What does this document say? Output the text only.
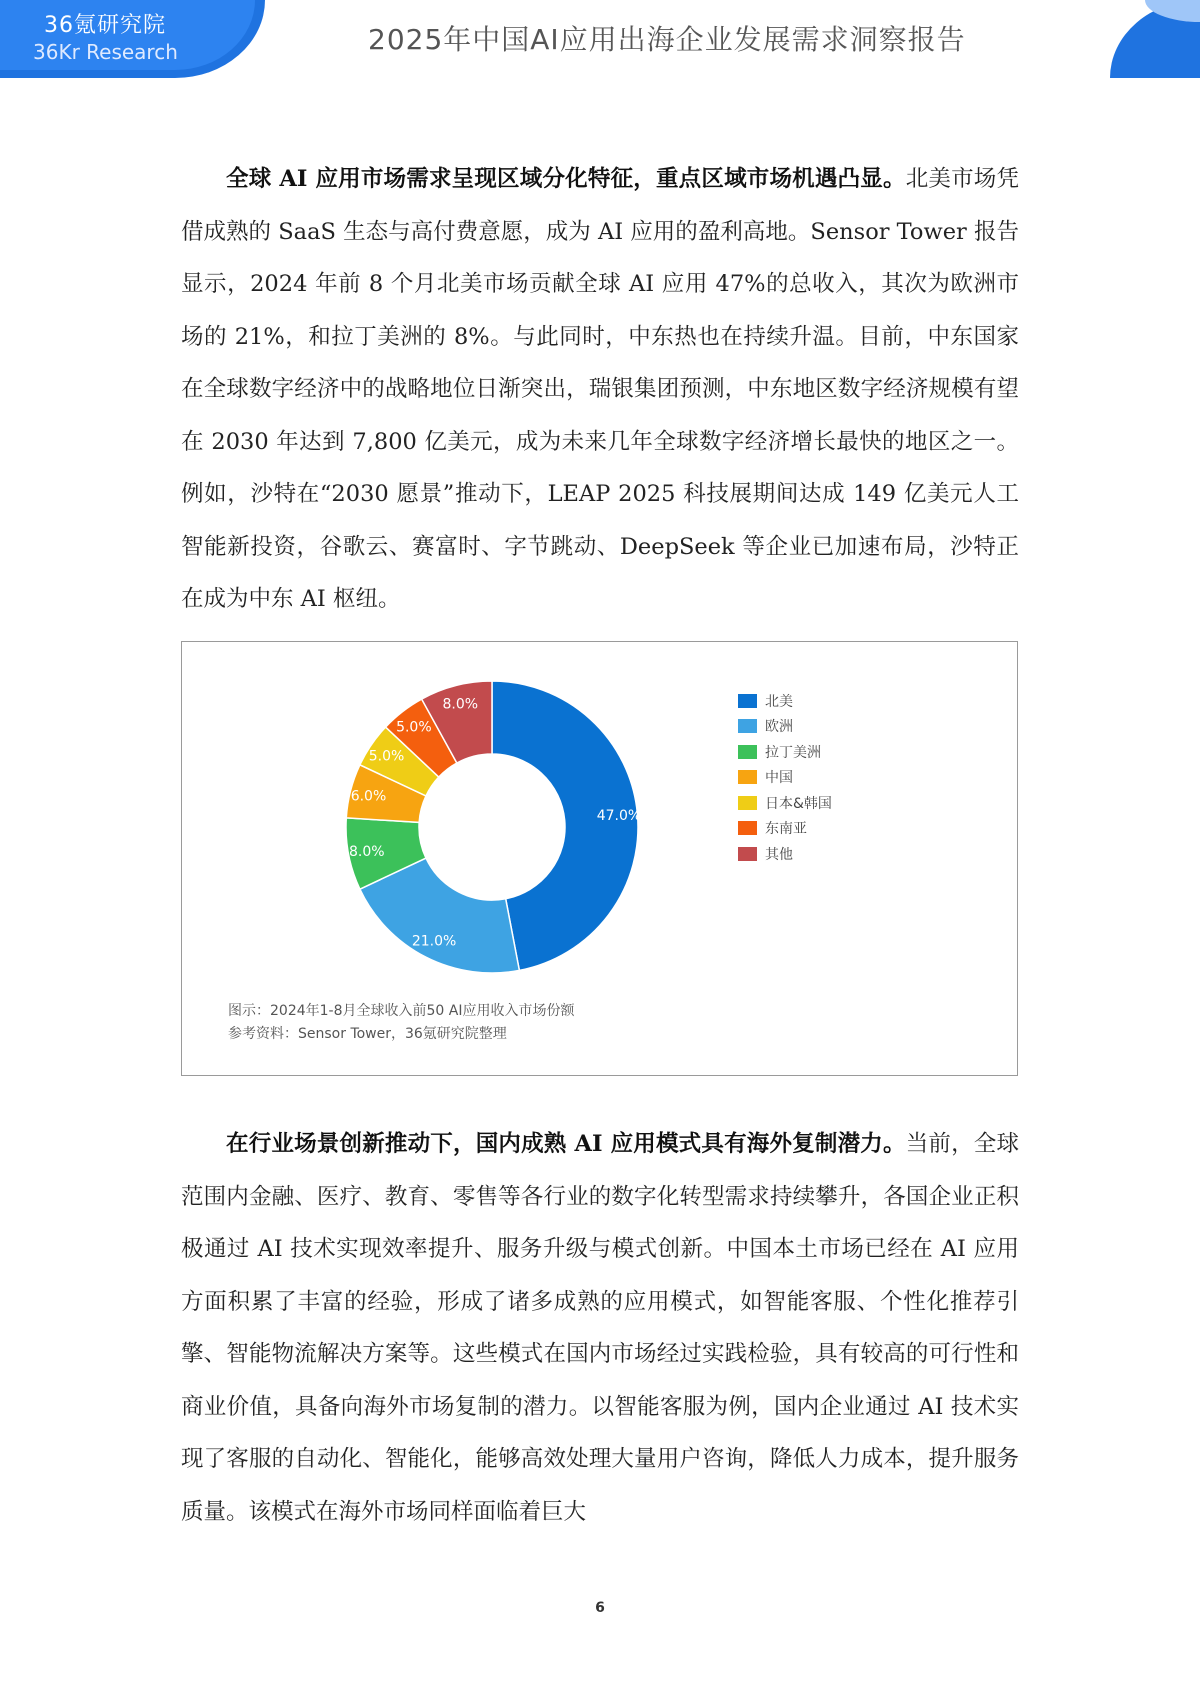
36氪研究院
36Kr Research	2025年中国AI应用出海企业发展需求洞察报告

全球 AI 应用市场需求呈现区域分化特征，重点区域市场机遇凸显。北美市场凭借成熟的 SaaS 生态与高付费意愿，成为 AI 应用的盈利高地。Sensor Tower 报告显示，2024 年前 8 个月北美市场贡献全球 AI 应用 47%的总收入，其次为欧洲市场的 21%，和拉丁美洲的 8%。与此同时，中东热也在持续升温。目前，中东国家在全球数字经济中的战略地位日渐突出，瑞银集团预测，中东地区数字经济规模有望在 2030 年达到 7,800 亿美元，成为未来几年全球数字经济增长最快的地区之一。例如，沙特在“2030 愿景”推动下，LEAP 2025 科技展期间达成 149 亿美元人工智能新投资，谷歌云、赛富时、字节跳动、DeepSeek 等企业已加速布局，沙特正在成为中东 AI 枢纽。

47.0%
21.0%
8.0%
6.0%
5.0%
5.0%
8.0%	北美
欧洲
拉丁美洲
中国
日本&韩国
东南亚
其他
图示：2024年1-8月全球收入前50 AI应用收入市场份额
参考资料：Sensor Tower，36氪研究院整理

在行业场景创新推动下，国内成熟 AI 应用模式具有海外复制潜力。当前，全球范围内金融、医疗、教育、零售等各行业的数字化转型需求持续攀升，各国企业正积极通过 AI 技术实现效率提升、服务升级与模式创新。中国本土市场已经在 AI 应用方面积累了丰富的经验，形成了诸多成熟的应用模式，如智能客服、个性化推荐引擎、智能物流解决方案等。这些模式在国内市场经过实践检验，具有较高的可行性和商业价值，具备向海外市场复制的潜力。以智能客服为例，国内企业通过 AI 技术实现了客服的自动化、智能化，能够高效处理大量用户咨询，降低人力成本，提升服务质量。该模式在海外市场同样面临着巨大

6
